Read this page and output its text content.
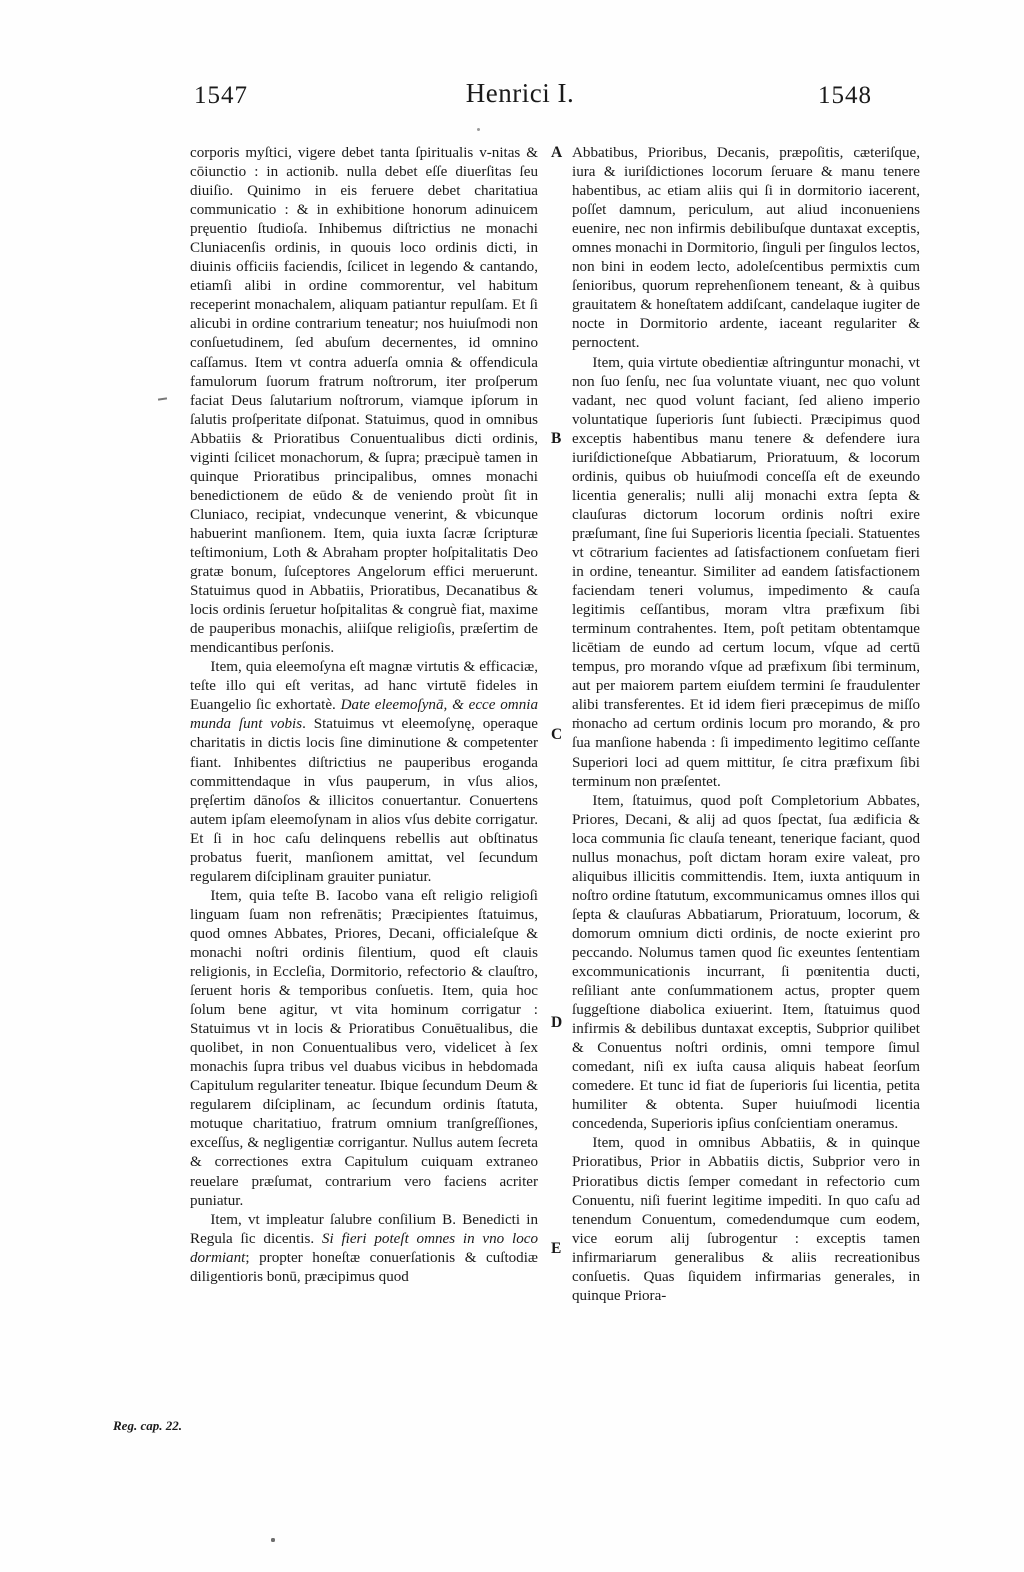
1547	Henrici I.	1548

corporis myſtici, vigere debet tanta ſpiritualis v-nitas & cōiunctio : in actionib. nulla debet eſſe diuerſitas ſeu diuiſio. Quinimo in eis feruere debet charitatiua communicatio : & in exhibitione honorum adinuicem prę‍uentio ſtudioſa. Inhibemus diſtrictius ne monachi Cluniacenſis ordinis, in quouis loco ordinis dicti, in diuinis officiis faciendis, ſcilicet in legendo & cantando, etiamſi alibi in ordine commorentur, vel habitum receperint monachalem, aliquam patiantur repulſam. Et ſi alicubi in ordine contrarium teneatur; nos huiuſmodi non conſuetudinem, ſed abuſum decernentes, id omnino caſſamus. Item vt contra aduerſa omnia & offendicula famulorum ſuorum fratrum noſtrorum, iter proſperum faciat Deus ſalutarium noſtrorum, viamque ipſorum in ſalutis proſperitate diſponat. Statuimus, quod in omnibus Abbatiis & Prioratibus Conuentualibus dicti ordinis, viginti ſcilicet monachorum, & ſupra; præcipuè tamen in quinque Prioratibus principalibus, omnes monachi benedictionem de eūdo & de veniendo proùt ſit in Cluniaco, recipiat, vndecunque venerint, & vbicunque habuerint manſionem. Item, quia iuxta ſacræ ſcripturæ teſtimonium, Loth & Abraham propter hoſpitalitatis Deo gratæ bonum, ſuſceptores Angelorum effici meruerunt. Statuimus quod in Abbatiis, Prioratibus, Decanatibus & locis ordinis ſeruetur hoſpitalitas & congruè fiat, maxime de pauperibus monachis, aliiſque religioſis, præſertim de mendicantibus perſonis.

Item, quia eleemoſyna eſt magnæ virtutis & efficaciæ, teſte illo qui eſt veritas, ad hanc virtutē fideles in Euangelio ſic exhortatè. Date eleemoſynā, & ecce omnia munda ſunt vobis. Statuimus vt eleemoſynę, operaque charitatis in dictis locis ſine diminutione & competenter fiant. Inhibentes diſtrictius ne pauperibus eroganda committendaque in vſus pauperum, in vſus alios, prę‍ſertim dānoſos & illicitos conuertantur. Conuertens autem ipſam eleemoſynam in alios vſus debite corrigatur. Et ſi in hoc caſu delinquens rebellis aut obſtinatus probatus fuerit, manſionem amittat, vel ſecundum regularem diſciplinam grauiter puniatur.

Item, quia teſte B. Iacobo vana eſt religio religioſi linguam ſuam non refrenātis; Præcipientes ſtatuimus, quod omnes Abbates, Priores, Decani, officialeſque & monachi noſtri ordinis ſilentium, quod eſt clauis religionis, in Eccleſia, Dormitorio, refectorio & clauſtro, ſeruent horis & temporibus conſuetis. Item, quia hoc ſolum bene agitur, vt vita hominum corrigatur : Statuimus vt in locis & Prioratibus Conuētualibus, die quolibet, in non Conuentualibus vero, videlicet à ſex monachis ſupra tribus vel duabus vicibus in hebdomada Capitulum regulariter teneatur. Ibique ſecundum Deum & regularem diſciplinam, ac ſecundum ordinis ſtatuta, motuque charitatiuo, fratrum omnium tranſgreſſiones, exceſſus, & negligentiæ corrigantur. Nullus autem ſecreta & correctiones extra Capitulum cuiquam extraneo reuelare præſumat, contrarium vero faciens acriter puniatur.

Item, vt impleatur ſalubre conſilium B. Benedicti in Regula ſic dicentis. Si fieri poteſt omnes in vno loco dormiant; propter honeſtæ conuerſationis & cuſtodiæ diligentioris bonū, præcipimus quod

Abbatibus, Prioribus, Decanis, præpoſitis, cæteriſque, iura & iuriſdictiones locorum ſeruare & manu tenere habentibus, ac etiam aliis qui ſi in dormitorio iacerent, poſſet damnum, periculum, aut aliud inconueniens euenire, nec non infirmis debilibuſque duntaxat exceptis, omnes monachi in Dormitorio, ſinguli per ſingulos lectos, non bini in eodem lecto, adoleſcentibus permixtis cum ſenioribus, quorum reprehenſionem teneant, & à quibus grauitatem & honeſtatem addiſcant, candelaque iugiter de nocte in Dormitorio ardente, iaceant regulariter & pernoctent.

Item, quia virtute obedientiæ aſtringuntur monachi, vt non ſuo ſenſu, nec ſua voluntate viuant, nec quo volunt vadant, nec quod volunt faciant, ſed alieno imperio voluntatique ſuperioris ſunt ſubiecti. Præcipimus quod exceptis habentibus manu tenere & defendere iura iuriſdictioneſque Abbatiarum, Prioratuum, & locorum ordinis, quibus ob huiuſmodi conceſſa eſt de exeundo licentia generalis; nulli alij monachi extra ſepta & clauſuras dictorum locorum ordinis noſtri exire præſumant, ſine ſui Superioris licentia ſpeciali. Statuentes vt cōtrarium facientes ad ſatisfactionem conſuetam fieri in ordine, teneantur. Similiter ad eandem ſatisfactionem faciendam teneri volumus, impedimento & cauſa legitimis ceſſantibus, moram vltra præfixum ſibi terminum contrahentes. Item, poſt petitam obtentamque licētiam de eundo ad certum locum, vſque ad certū tempus, pro morando vſque ad præfixum ſibi terminum, aut per maiorem partem eiuſdem termini ſe fraudulenter alibi transferentes. Et id idem fieri præcepimus de miſſo ṁonacho ad certum ordinis locum pro morando, & pro ſua manſione habenda : ſi impedimento legitimo ceſſante Superiori loci ad quem mittitur, ſe citra præfixum ſibi terminum non præſentet.

Item, ſtatuimus, quod poſt Completorium Abbates, Priores, Decani, & alij ad quos ſpectat, ſua ædificia & loca communia ſic clauſa teneant, tenerique faciant, quod nullus monachus, poſt dictam horam exire valeat, pro aliquibus illicitis committendis. Item, iuxta antiquum in noſtro ordine ſtatutum, excommunicamus omnes illos qui ſepta & clauſuras Abbatiarum, Prioratuum, locorum, & domorum omnium dicti ordinis, de nocte exierint pro peccando. Nolumus tamen quod ſic exeuntes ſententiam excommunicationis incurrant, ſi pœnitentia ducti, reſiliant ante conſummationem actus, propter quem ſuggeſtione diabolica exiuerint. Item, ſtatuimus quod infirmis & debilibus duntaxat exceptis, Subprior quilibet & Conuentus noſtri ordinis, omni tempore ſimul comedant, niſi ex iuſta causa aliquis habeat ſeorſum comedere. Et tunc id fiat de ſuperioris ſui licentia, petita humiliter & obtenta. Super huiuſmodi licentia concedenda, Superioris ipſius conſcientiam oneramus.

Item, quod in omnibus Abbatiis, & in quinque Prioratibus, Prior in Abbatiis dictis, Subprior vero in Prioratibus dictis ſemper comedant in refectorio cum Conuentu, niſi fuerint legitime impediti. In quo caſu ad tenendum Conuentum, comedendumque cum eodem, vice eorum alij ſubrogentur : exceptis tamen infirmariarum generalibus & aliis recreationibus conſuetis. Quas ſiquidem infirmarias generales, in quinque Priora-

A
B
C
D
E
Reg. cap. 22.
